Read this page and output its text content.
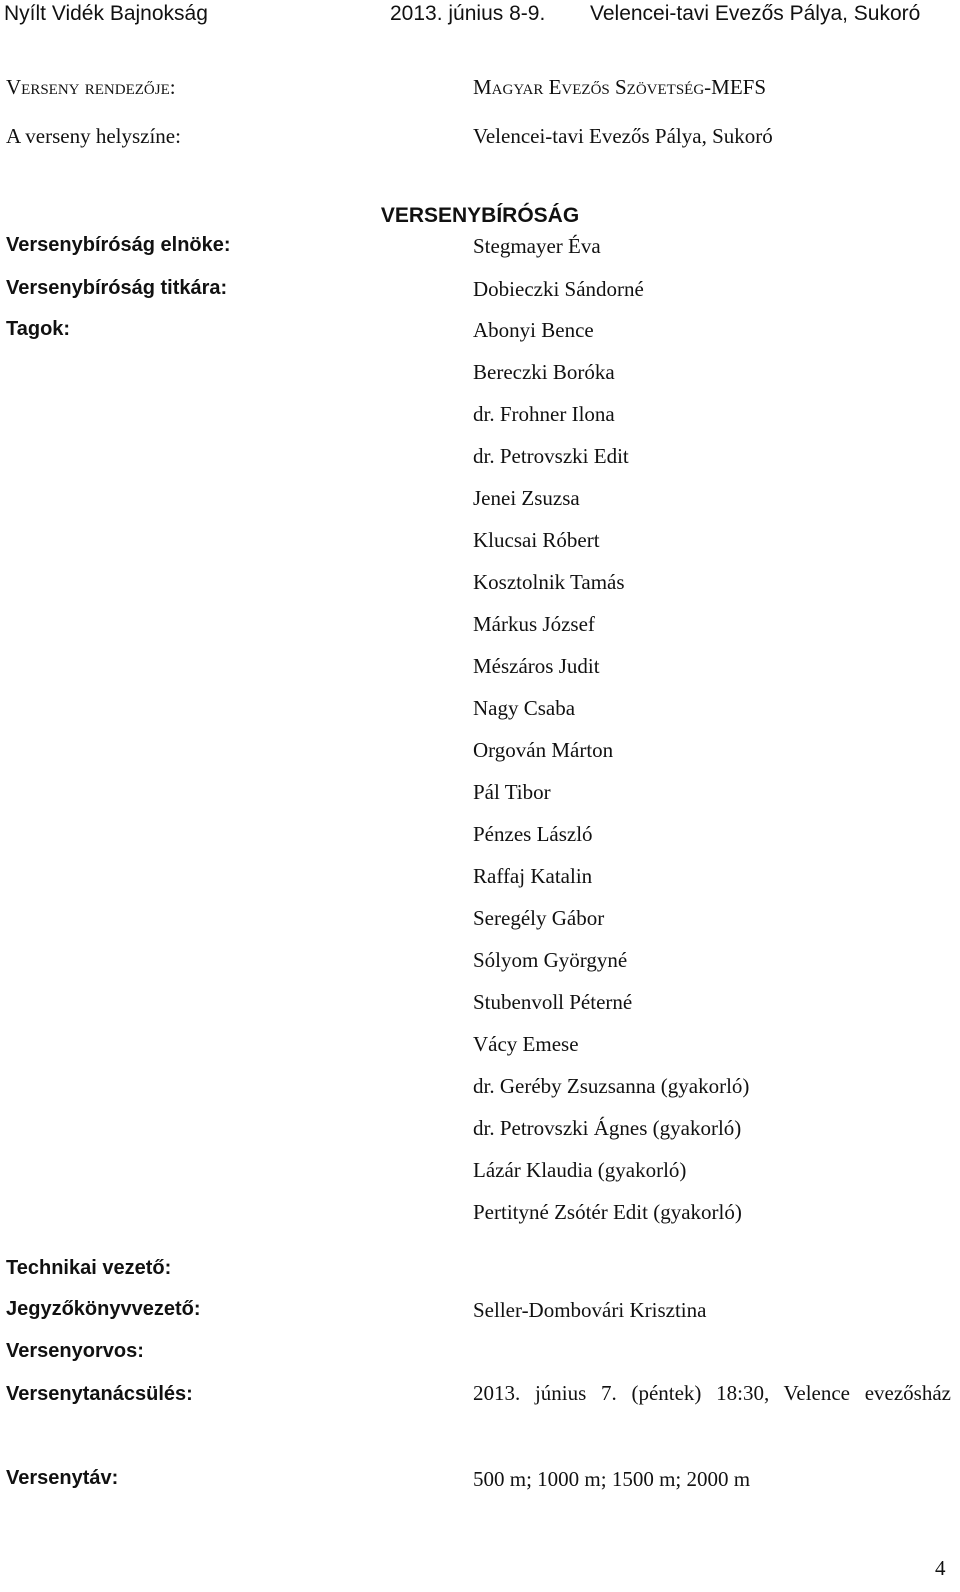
Nyílt Vidék Bajnokság	2013. június 8-9. Velencei-tavi Evezős Pálya, Sukoró
Verseny rendezője:	Magyar Evezős Szövetség-MEFS
A verseny helyszíne:	Velencei-tavi Evezős Pálya, Sukoró
VERSENYBÍRÓSÁG
Versenybíróság elnöke:	Stegmayer Éva
Versenybíróság titkára:	Dobieczki Sándorné
Tagok:	Abonyi Bence
Bereczki Boróka
dr. Frohner Ilona
dr. Petrovszki Edit
Jenei Zsuzsa
Klucsai Róbert
Kosztolnik Tamás
Márkus József
Mészáros Judit
Nagy Csaba
Orgován Márton
Pál Tibor
Pénzes László
Raffaj Katalin
Seregély Gábor
Sólyom Györgyné
Stubenvoll Péterné
Vácy Emese
dr. Geréby Zsuzsanna (gyakorló)
dr. Petrovszki Ágnes (gyakorló)
Lázár Klaudia (gyakorló)
Pertityné Zsótér Edit (gyakorló)
Technikai vezető:
Jegyzőkönyvvezető:	Seller-Dombovári Krisztina
Versenyorvos:
Versenytanácsülés:	2013. június 7. (péntek) 18:30, Velence evezősház
Versenytáv:	500 m; 1000 m; 1500 m; 2000 m
4
